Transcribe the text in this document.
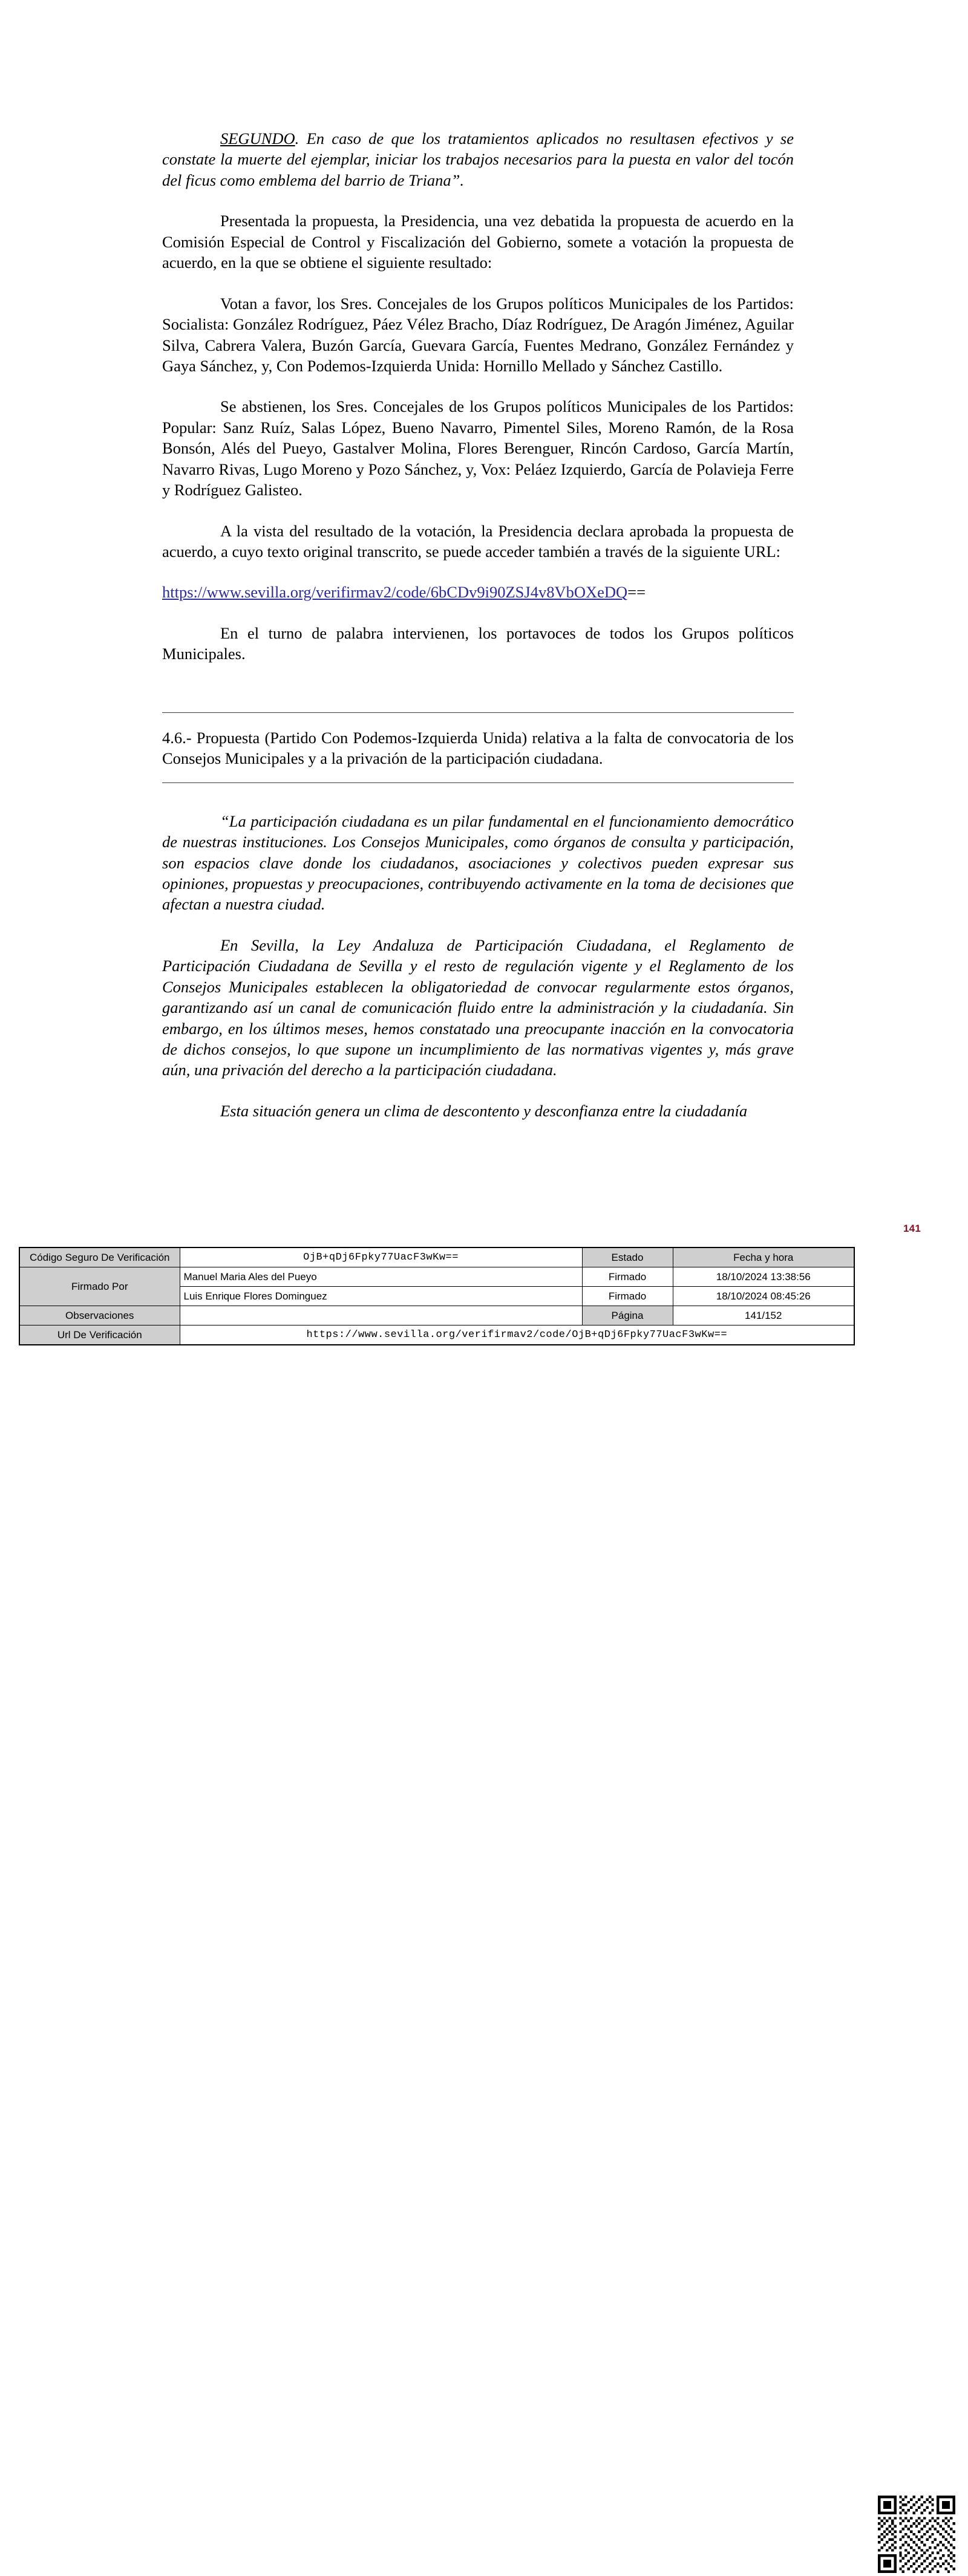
SEGUNDO. En caso de que los tratamientos aplicados no resultasen efectivos y se constate la muerte del ejemplar, iniciar los trabajos necesarios para la puesta en valor del tocón del ficus como emblema del barrio de Triana”.

Presentada la propuesta, la Presidencia, una vez debatida la propuesta de acuerdo en la Comisión Especial de Control y Fiscalización del Gobierno, somete a votación la propuesta de acuerdo, en la que se obtiene el siguiente resultado:

Votan a favor, los Sres. Concejales de los Grupos políticos Municipales de los Partidos: Socialista: González Rodríguez, Páez Vélez Bracho, Díaz Rodríguez, De Aragón Jiménez, Aguilar Silva, Cabrera Valera, Buzón García, Guevara García, Fuentes Medrano, González Fernández y Gaya Sánchez, y, Con Podemos-Izquierda Unida: Hornillo Mellado y Sánchez Castillo.

Se abstienen, los Sres. Concejales de los Grupos políticos Municipales de los Partidos: Popular: Sanz Ruíz, Salas López, Bueno Navarro, Pimentel Siles, Moreno Ramón, de la Rosa Bonsón, Alés del Pueyo, Gastalver Molina, Flores Berenguer, Rincón Cardoso, García Martín, Navarro Rivas, Lugo Moreno y Pozo Sánchez, y, Vox: Peláez Izquierdo, García de Polavieja Ferre y Rodríguez Galisteo.

A la vista del resultado de la votación, la Presidencia declara aprobada la propuesta de acuerdo, a cuyo texto original transcrito, se puede acceder también a través de la siguiente URL:

https://www.sevilla.org/verifirmav2/code/6bCDv9i90ZSJ4v8VbOXeDQ==

En el turno de palabra intervienen, los portavoces de todos los Grupos políticos Municipales.

4.6.- Propuesta (Partido Con Podemos-Izquierda Unida) relativa a la falta de convocatoria de los Consejos Municipales y a la privación de la participación ciudadana.

“La participación ciudadana es un pilar fundamental en el funcionamiento democrático de nuestras instituciones. Los Consejos Municipales, como órganos de consulta y participación, son espacios clave donde los ciudadanos, asociaciones y colectivos pueden expresar sus opiniones, propuestas y preocupaciones, contribuyendo activamente en la toma de decisiones que afectan a nuestra ciudad.

En Sevilla, la Ley Andaluza de Participación Ciudadana, el Reglamento de Participación Ciudadana de Sevilla y el resto de regulación vigente y el Reglamento de los Consejos Municipales establecen la obligatoriedad de convocar regularmente estos órganos, garantizando así un canal de comunicación fluido entre la administración y la ciudadanía. Sin embargo, en los últimos meses, hemos constatado una preocupante inacción en la convocatoria de dichos consejos, lo que supone un incumplimiento de las normativas vigentes y, más grave aún, una privación del derecho a la participación ciudadana.

Esta situación genera un clima de descontento y desconfianza entre la ciudadanía

141
Código Seguro De Verificación	OjB+qDj6Fpky77UacF3wKw==	Estado	Fecha y hora
Firmado Por	Manuel Maria Ales del Pueyo	Firmado	18/10/2024 13:38:56
	Luis Enrique Flores Dominguez	Firmado	18/10/2024 08:45:26
Observaciones		Página	141/152
Url De Verificación	https://www.sevilla.org/verifirmav2/code/OjB+qDj6Fpky77UacF3wKw==		
